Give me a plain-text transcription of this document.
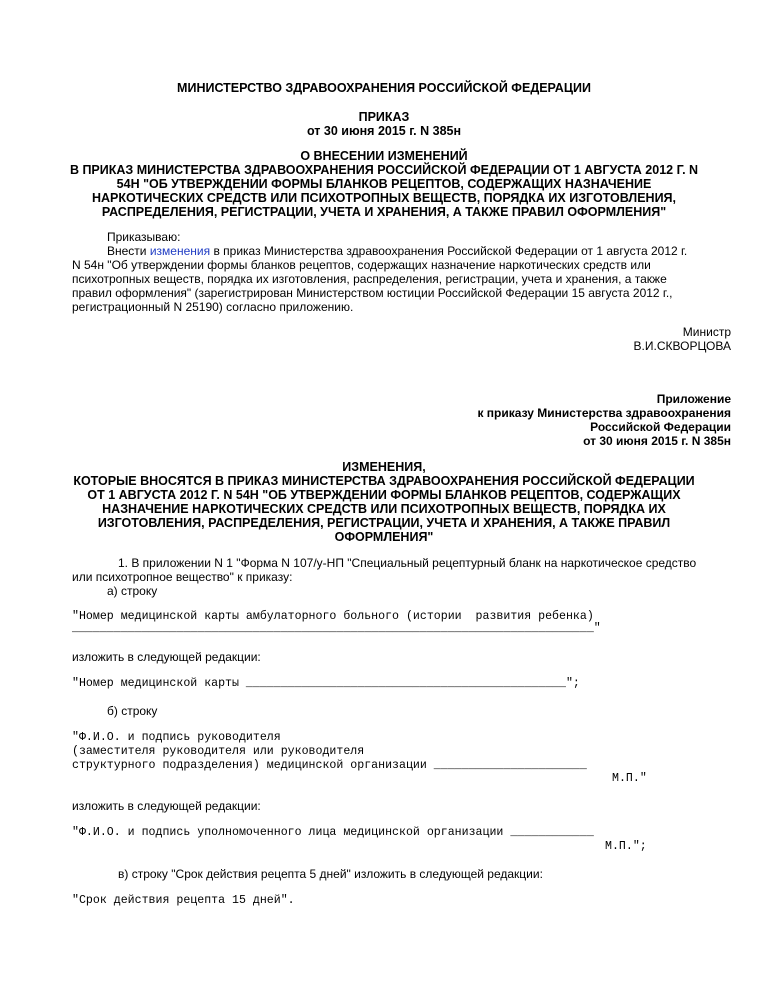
МИНИСТЕРСТВО ЗДРАВООХРАНЕНИЯ РОССИЙСКОЙ ФЕДЕРАЦИИ
ПРИКАЗ
от 30 июня 2015 г. N 385н
О ВНЕСЕНИИ ИЗМЕНЕНИЙ
В ПРИКАЗ МИНИСТЕРСТВА ЗДРАВООХРАНЕНИЯ РОССИЙСКОЙ ФЕДЕРАЦИИ ОТ 1 АВГУСТА 2012 Г. N
54Н "ОБ УТВЕРЖДЕНИИ ФОРМЫ БЛАНКОВ РЕЦЕПТОВ, СОДЕРЖАЩИХ НАЗНАЧЕНИЕ
НАРКОТИЧЕСКИХ СРЕДСТВ ИЛИ ПСИХОТРОПНЫХ ВЕЩЕСТВ, ПОРЯДКА ИХ ИЗГОТОВЛЕНИЯ,
РАСПРЕДЕЛЕНИЯ, РЕГИСТРАЦИИ, УЧЕТА И ХРАНЕНИЯ, А ТАКЖЕ ПРАВИЛ ОФОРМЛЕНИЯ"
Приказываю:
Внести изменения в приказ Министерства здравоохранения Российской Федерации от 1 августа 2012 г.
N 54н "Об утверждении формы бланков рецептов, содержащих назначение наркотических средств или
психотропных веществ, порядка их изготовления, распределения, регистрации, учета и хранения, а также
правил оформления" (зарегистрирован Министерством юстиции Российской Федерации 15 августа 2012 г.,
регистрационный N 25190) согласно приложению.
Министр
В.И.СКВОРЦОВА
Приложение
к приказу Министерства здравоохранения
Российской Федерации
от 30 июня 2015 г. N 385н
ИЗМЕНЕНИЯ,
КОТОРЫЕ ВНОСЯТСЯ В ПРИКАЗ МИНИСТЕРСТВА ЗДРАВООХРАНЕНИЯ РОССИЙСКОЙ ФЕДЕРАЦИИ
ОТ 1 АВГУСТА 2012 Г. N 54Н "ОБ УТВЕРЖДЕНИИ ФОРМЫ БЛАНКОВ РЕЦЕПТОВ, СОДЕРЖАЩИХ
НАЗНАЧЕНИЕ НАРКОТИЧЕСКИХ СРЕДСТВ ИЛИ ПСИХОТРОПНЫХ ВЕЩЕСТВ, ПОРЯДКА ИХ
ИЗГОТОВЛЕНИЯ, РАСПРЕДЕЛЕНИЯ, РЕГИСТРАЦИИ, УЧЕТА И ХРАНЕНИЯ, А ТАКЖЕ ПРАВИЛ
ОФОРМЛЕНИЯ"
1. В приложении N 1 "Форма N 107/у-НП "Специальный рецептурный бланк на наркотическое средство
или психотропное вещество" к приказу:
а) строку
"Номер медицинской карты амбулаторного больного (истории  развития ребенка)
___________________________________________________________________________"
изложить в следующей редакции:
"Номер медицинской карты ______________________________________________";
б) строку
"Ф.И.О. и подпись руководителя
(заместителя руководителя или руководителя
структурного подразделения) медицинской организации ______________________
М.П."
изложить в следующей редакции:
"Ф.И.О. и подпись уполномоченного лица медицинской организации ____________
М.П.";
в) строку "Срок действия рецепта 5 дней" изложить в следующей редакции:
"Срок действия рецепта 15 дней".
